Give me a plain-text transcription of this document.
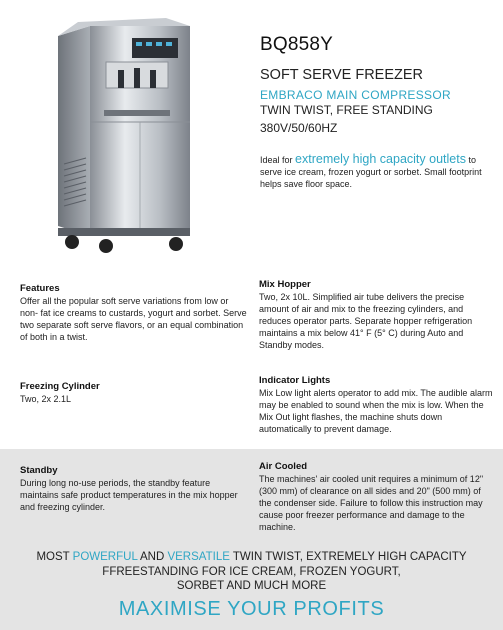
BQ858Y
SOFT SERVE FREEZER
EMBRACO MAIN COMPRESSOR
TWIN TWIST, FREE STANDING
380V/50/60HZ
Ideal for extremely high capacity outlets to serve ice cream, frozen yogurt or sorbet. Small footprint helps save floor space.
Features
Offer all the popular soft serve variations from low or non- fat ice creams to custards, yogurt and sorbet. Serve two separate soft serve flavors, or an equal combination of both in a twist.
Freezing Cylinder
Two, 2x 2.1L
Standby
During long no-use periods, the standby feature maintains safe product temperatures in the mix hopper and freezing cylinder.
Mix Hopper
Two, 2x 10L. Simplified air tube delivers the precise amount of air and mix to the freezing cylinders, and reduces operator parts. Separate hopper refrigeration maintains a mix below 41° F (5° C) during Auto and Standby modes.
Indicator Lights
Mix Low light alerts operator to add mix. The audible alarm may be enabled to sound when the mix is low. When the Mix Out light flashes, the machine shuts down automatically to prevent damage.
Air Cooled
The machines' air cooled unit requires a minimum of 12" (300 mm) of clearance on all sides and 20" (500 mm) of the condenser side. Failure to follow this instruction may cause poor freezer performance and damage to the machine.
MOST POWERFUL AND VERSATILE TWIN TWIST, EXTREMELY HIGH CAPACITY
FFREESTANDING FOR ICE CREAM, FROZEN YOGURT,
SORBET AND MUCH MORE
MAXIMISE YOUR PROFITS
